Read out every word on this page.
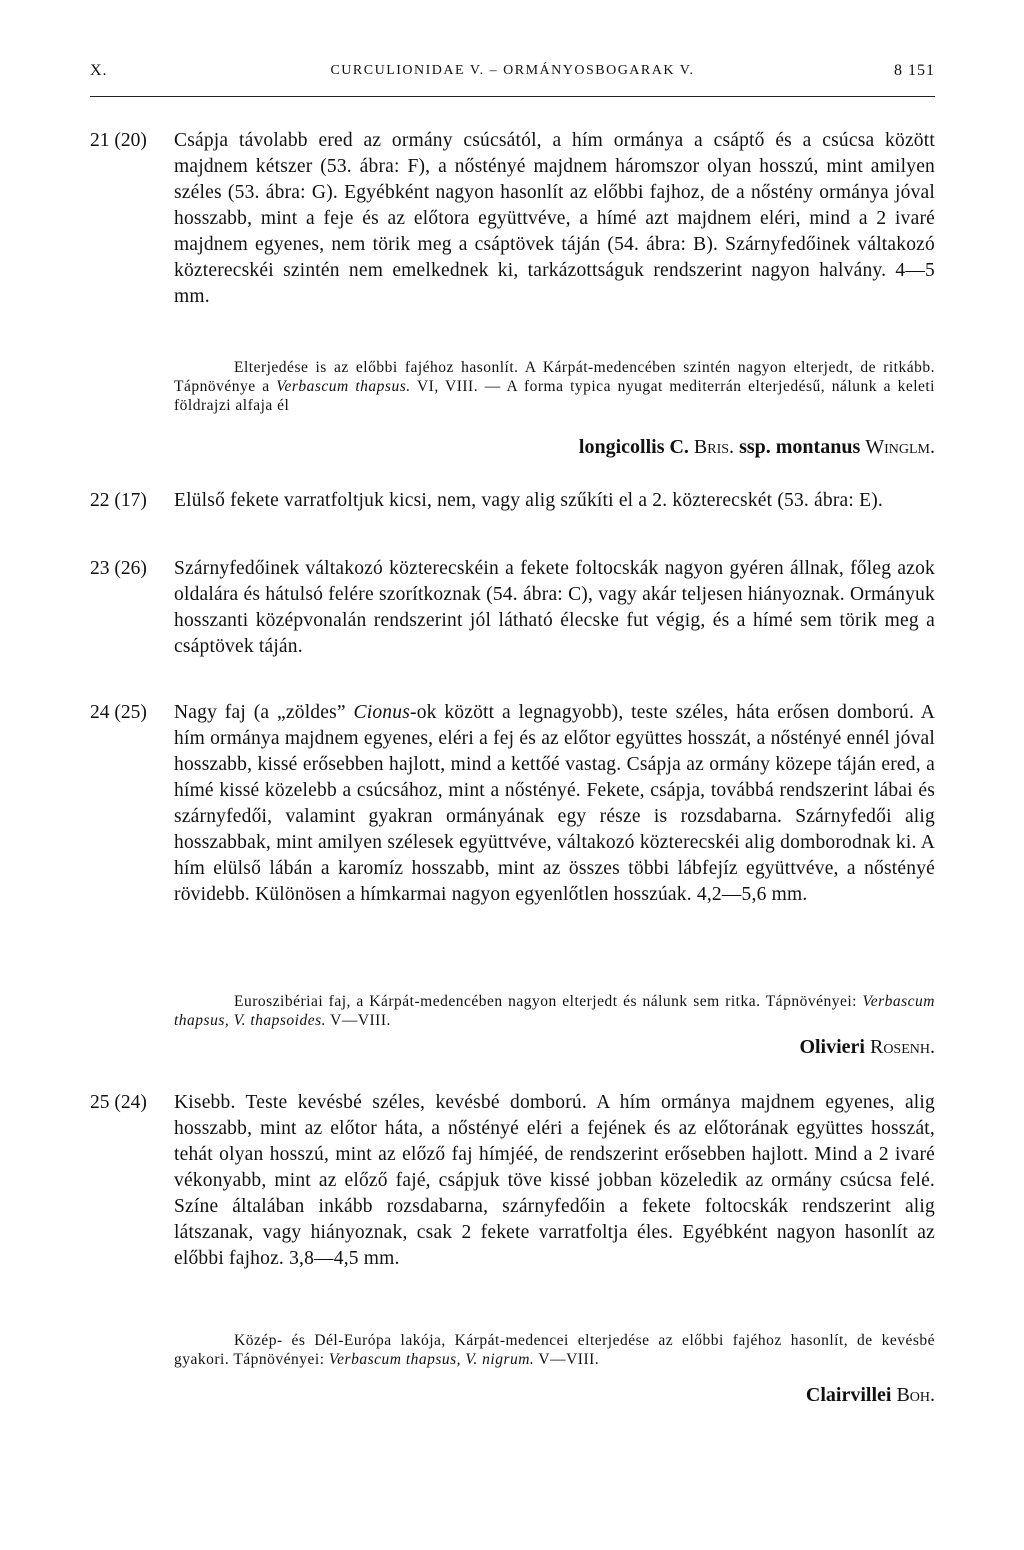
X.	CURCULIONIDAE V. – ORMÁNYOSBOGARAK V.	8 151
21 (20)	Csápja távolabb ered az ormány csúcsától, a hím ormánya a csáptő és a csúcsa között majdnem kétszer (53. ábra: F), a nőstényé majdnem háromszor olyan hosszú, mint amilyen széles (53. ábra: G). Egyébként nagyon hasonlít az előbbi fajhoz, de a nőstény ormánya jóval hosszabb, mint a feje és az előtora együttvéve, a hímé azt majdnem eléri, mind a 2 ivaré majdnem egyenes, nem törik meg a csáptövek táján (54. ábra: B). Szárnyfedőinek váltakozó közterecskéi szintén nem emelkednek ki, tarkázottságuk rendszerint nagyon halvány. 4—5 mm.
Elterjedése is az előbbi fajéhoz hasonlít. A Kárpát-medencében szintén nagyon elterjedt, de ritkább. Tápnövénye a Verbascum thapsus. VI, VIII. — A forma typica nyugat mediterrán elterjedésű, nálunk a keleti földrajzi alfaja él
longicollis C. Bris. ssp. montanus Winglm.
22 (17)	Elülső fekete varratfoltjuk kicsi, nem, vagy alig szűkíti el a 2. közterecskét (53. ábra: E).
23 (26)	Szárnyfedőinek váltakozó közterecskéin a fekete foltocskák nagyon gyéren állnak, főleg azok oldalára és hátulsó felére szorítkoznak (54. ábra: C), vagy akár teljesen hiányoznak. Ormányuk hosszanti középvonalán rendszerint jól látható élecske fut végig, és a hímé sem törik meg a csáptövek táján.
24 (25)	Nagy faj (a „zöldes” Cionus-ok között a legnagyobb), teste széles, háta erősen domború. A hím ormánya majdnem egyenes, eléri a fej és az előtor együttes hosszát, a nőstényé ennél jóval hosszabb, kissé erősebben hajlott, mind a kettőé vastag. Csápja az ormány közepe táján ered, a hímé kissé közelebb a csúcsához, mint a nőstényé. Fekete, csápja, továbbá rendszerint lábai és szárnyfedői, valamint gyakran ormányának egy része is rozsdabarna. Szárnyfedői alig hosszabbak, mint amilyen szélesek együttvéve, váltakozó közterecskéi alig domborodnak ki. A hím elülső lábán a karomíz hosszabb, mint az összes többi lábfejíz együttvéve, a nőstényé rövidebb. Különösen a hímkarmai nagyon egyenlőtlen hosszúak. 4,2—5,6 mm.
Euroszibériai faj, a Kárpát-medencében nagyon elterjedt és nálunk sem ritka. Tápnövényei: Verbascum thapsus, V. thapsoides. V—VIII.
Olivieri Rosenh.
25 (24)	Kisebb. Teste kevésbé széles, kevésbé domború. A hím ormánya majdnem egyenes, alig hosszabb, mint az előtor háta, a nőstényé eléri a fejének és az előtorának együttes hosszát, tehát olyan hosszú, mint az előző faj hímjéé, de rendszerint erősebben hajlott. Mind a 2 ivaré vékonyabb, mint az előző fajé, csápjuk töve kissé jobban közeledik az ormány csúcsa felé. Színe általában inkább rozsdabarna, szárnyfedőin a fekete foltocskák rendszerint alig látszanak, vagy hiányoznak, csak 2 fekete varratfoltja éles. Egyébként nagyon hasonlít az előbbi fajhoz. 3,8—4,5 mm.
Közép- és Dél-Európa lakója, Kárpát-medencei elterjedése az előbbi fajéhoz hasonlít, de kevésbé gyakori. Tápnövényei: Verbascum thapsus, V. nigrum. V—VIII.
Clairvillei Boh.
